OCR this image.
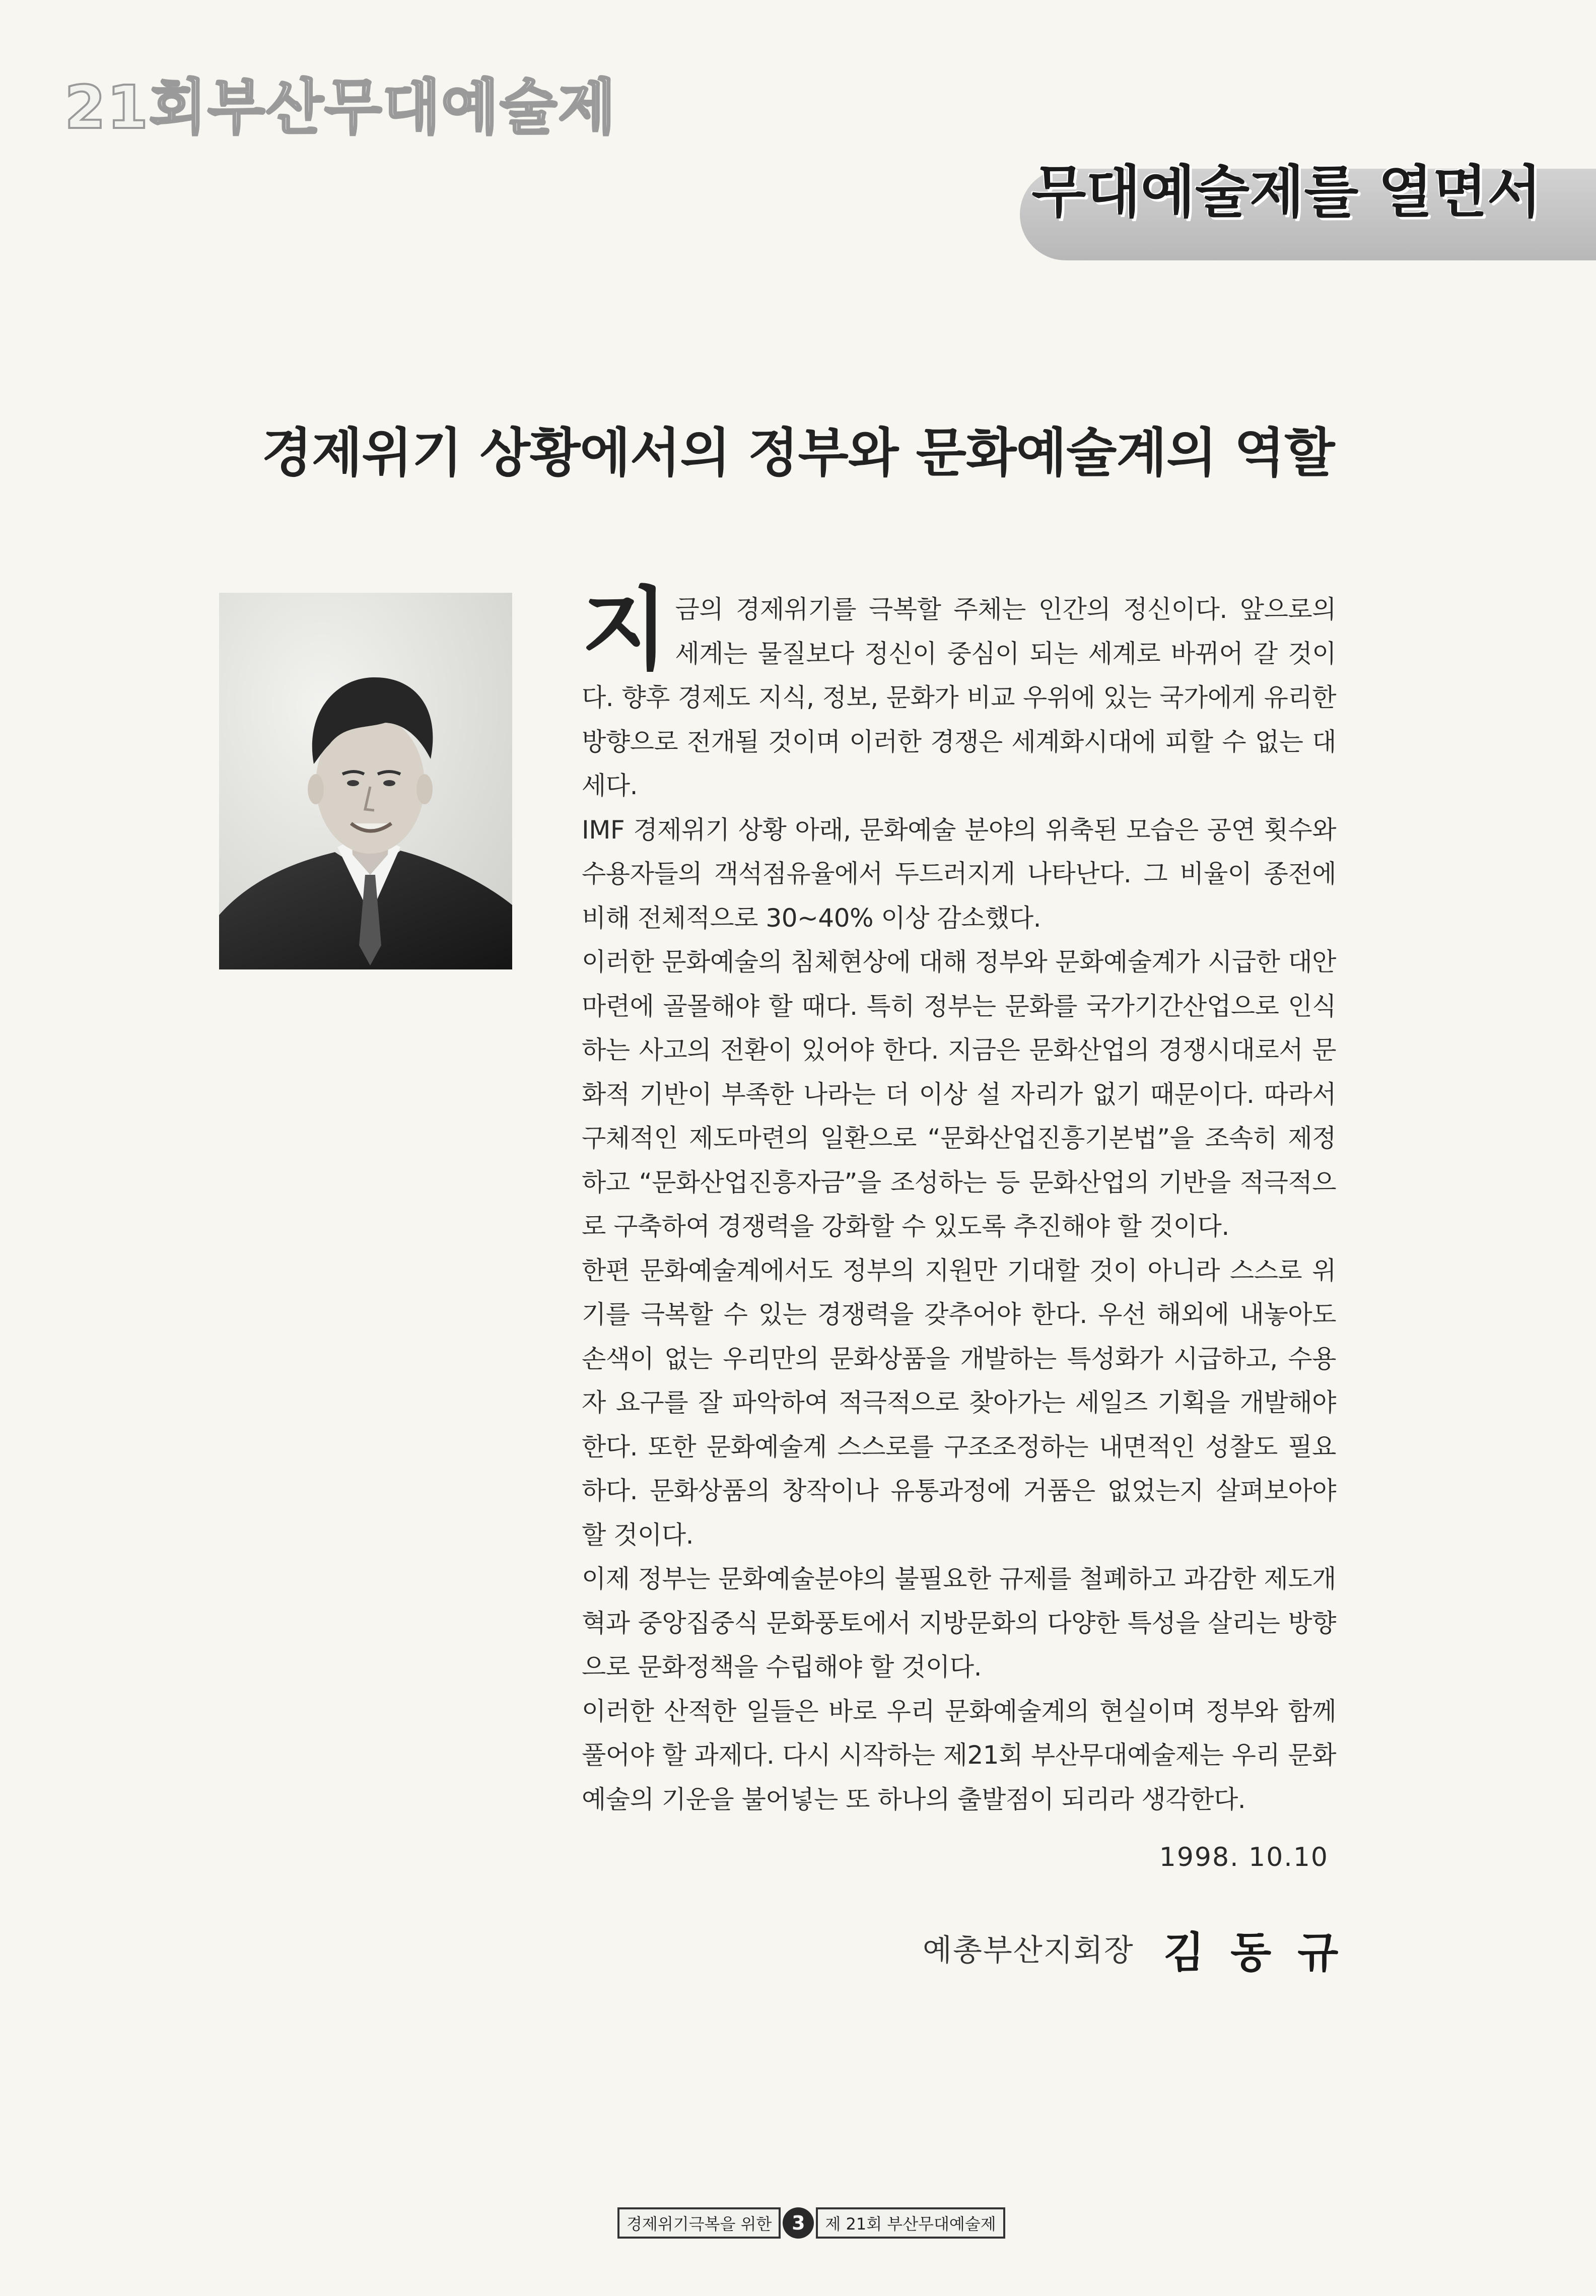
21회부산무대예술제
무대예술제를 열면서
경제위기 상황에서의 정부와 문화예술계의 역할

지금의 경제위기를 극복할 주체는 인간의 정신이다. 앞으로의 세계는 물질보다 정신이 중심이 되는 세계로 바뀌어 갈 것이다. 향후 경제도 지식, 정보, 문화가 비교 우위에 있는 국가에게 유리한 방향으로 전개될 것이며 이러한 경쟁은 세계화시대에 피할 수 없는 대세다.

IMF 경제위기 상황 아래, 문화예술 분야의 위축된 모습은 공연 횟수와 수용자들의 객석점유율에서 두드러지게 나타난다. 그 비율이 종전에 비해 전체적으로 30~40% 이상 감소했다.

이러한 문화예술의 침체현상에 대해 정부와 문화예술계가 시급한 대안 마련에 골몰해야 할 때다. 특히 정부는 문화를 국가기간산업으로 인식하는 사고의 전환이 있어야 한다. 지금은 문화산업의 경쟁시대로서 문화적 기반이 부족한 나라는 더 이상 설 자리가 없기 때문이다. 따라서 구체적인 제도마련의 일환으로 “문화산업진흥기본법”을 조속히 제정하고 “문화산업진흥자금”을 조성하는 등 문화산업의 기반을 적극적으로 구축하여 경쟁력을 강화할 수 있도록 추진해야 할 것이다.

한편 문화예술계에서도 정부의 지원만 기대할 것이 아니라 스스로 위기를 극복할 수 있는 경쟁력을 갖추어야 한다. 우선 해외에 내놓아도 손색이 없는 우리만의 문화상품을 개발하는 특성화가 시급하고, 수용자 요구를 잘 파악하여 적극적으로 찾아가는 세일즈 기획을 개발해야 한다. 또한 문화예술계 스스로를 구조조정하는 내면적인 성찰도 필요하다. 문화상품의 창작이나 유통과정에 거품은 없었는지 살펴보아야 할 것이다.

이제 정부는 문화예술분야의 불필요한 규제를 철폐하고 과감한 제도개혁과 중앙집중식 문화풍토에서 지방문화의 다양한 특성을 살리는 방향으로 문화정책을 수립해야 할 것이다.

이러한 산적한 일들은 바로 우리 문화예술계의 현실이며 정부와 함께 풀어야 할 과제다. 다시 시작하는 제21회 부산무대예술제는 우리 문화예술의 기운을 불어넣는 또 하나의 출발점이 되리라 생각한다.

1998. 10.10
예총부산지회장 김동규
경제위기극복을 위한	3	제 21회 부산무대예술제
